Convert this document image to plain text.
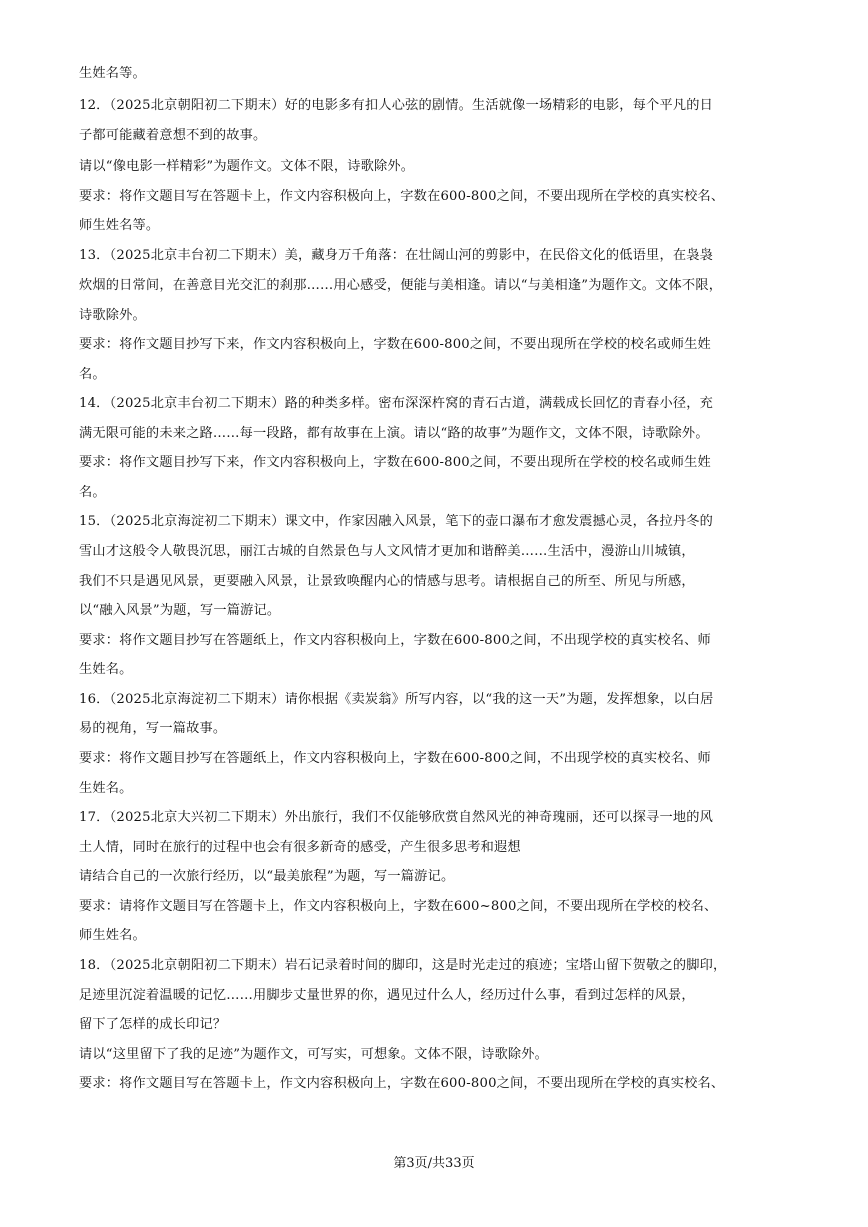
生姓名等。
12．（2025北京朝阳初二下期末）好的电影多有扣人心弦的剧情。生活就像一场精彩的电影，每个平凡的日
子都可能藏着意想不到的故事。
请以“像电影一样精彩”为题作文。文体不限，诗歌除外。
要求：将作文题目写在答题卡上，作文内容积极向上，字数在600-800之间，不要出现所在学校的真实校名、
师生姓名等。
13．（2025北京丰台初二下期末）美，藏身万千角落：在壮阔山河的剪影中，在民俗文化的低语里，在袅袅
炊烟的日常间，在善意目光交汇的刹那……用心感受，便能与美相逢。请以“与美相逢”为题作文。文体不限，
诗歌除外。
要求：将作文题目抄写下来，作文内容积极向上，字数在600-800之间，不要出现所在学校的校名或师生姓
名。
14．（2025北京丰台初二下期末）路的种类多样。密布深深杵窝的青石古道，满载成长回忆的青春小径，充
满无限可能的未来之路……每一段路，都有故事在上演。请以“路的故事”为题作文，文体不限，诗歌除外。
要求：将作文题目抄写下来，作文内容积极向上，字数在600-800之间，不要出现所在学校的校名或师生姓
名。
15．（2025北京海淀初二下期末）课文中，作家因融入风景，笔下的壶口瀑布才愈发震撼心灵，各拉丹冬的
雪山才这般令人敬畏沉思，丽江古城的自然景色与人文风情才更加和谐醉美……生活中，漫游山川城镇，
我们不只是遇见风景，更要融入风景，让景致唤醒内心的情感与思考。请根据自己的所至、所见与所感，
以“融入风景”为题，写一篇游记。
要求：将作文题目抄写在答题纸上，作文内容积极向上，字数在600-800之间，不出现学校的真实校名、师
生姓名。
16．（2025北京海淀初二下期末）请你根据《卖炭翁》所写内容，以“我的这一天”为题，发挥想象，以白居
易的视角，写一篇故事。
要求：将作文题目抄写在答题纸上，作文内容积极向上，字数在600-800之间，不出现学校的真实校名、师
生姓名。
17．（2025北京大兴初二下期末）外出旅行，我们不仅能够欣赏自然风光的神奇瑰丽，还可以探寻一地的风
土人情，同时在旅行的过程中也会有很多新奇的感受，产生很多思考和遐想
请结合自己的一次旅行经历，以“最美旅程”为题，写一篇游记。
要求：请将作文题目写在答题卡上，作文内容积极向上，字数在600~800之间，不要出现所在学校的校名、
师生姓名。
18．（2025北京朝阳初二下期末）岩石记录着时间的脚印，这是时光走过的痕迹；宝塔山留下贺敬之的脚印，
足迹里沉淀着温暖的记忆……用脚步丈量世界的你，遇见过什么人，经历过什么事，看到过怎样的风景，
留下了怎样的成长印记？
请以“这里留下了我的足迹”为题作文，可写实，可想象。文体不限，诗歌除外。
要求：将作文题目写在答题卡上，作文内容积极向上，字数在600-800之间，不要出现所在学校的真实校名、
第3页/共33页
